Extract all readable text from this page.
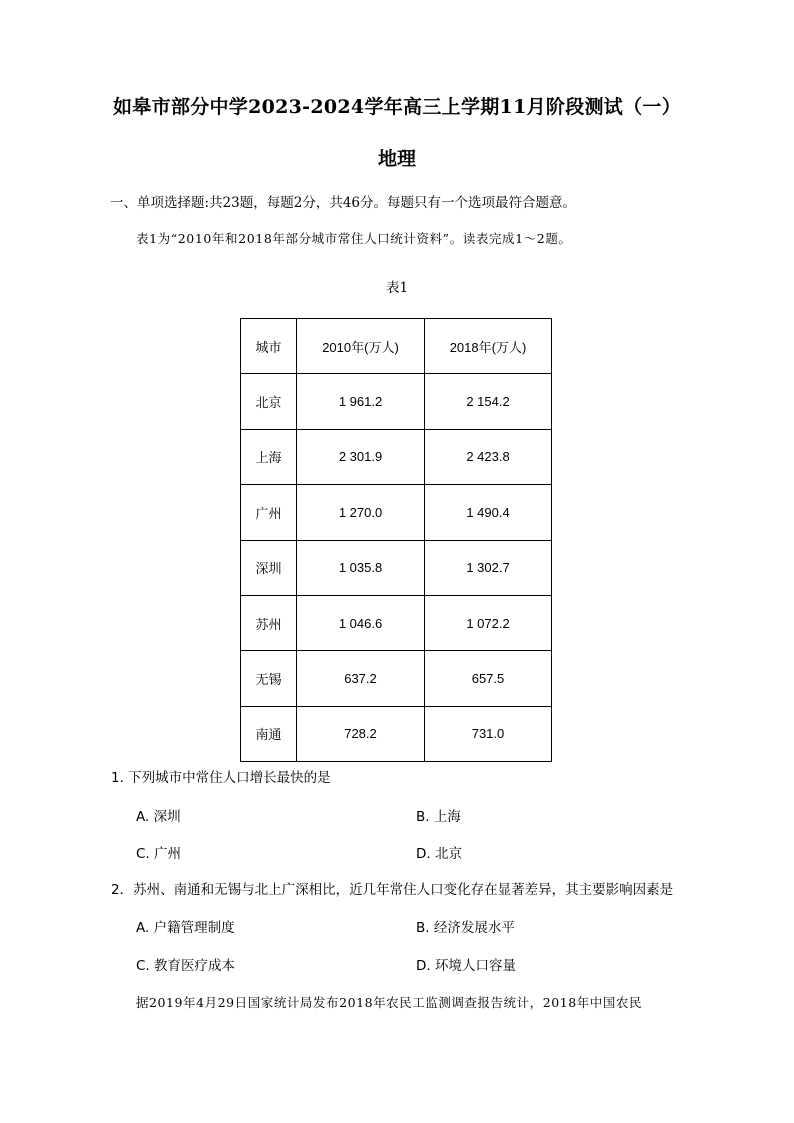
如皋市部分中学2023-2024学年高三上学期11月阶段测试（一）
地理
一、单项选择题:共23题，每题2分，共46分。每题只有一个选项最符合题意。
表1为“2010年和2018年部分城市常住人口统计资料”。读表完成1～2题。
表1
城市	2010年(万人)	2018年(万人)
北京	1 961.2	2 154.2
上海	2 301.9	2 423.8
广州	1 270.0	1 490.4
深圳	1 035.8	1 302.7
苏州	1 046.6	1 072.2
无锡	637.2	657.5
南通	728.2	731.0
1. 下列城市中常住人口增长最快的是
A. 深圳	B. 上海
C. 广州	D. 北京
2．苏州、南通和无锡与北上广深相比，近几年常住人口变化存在显著差异，其主要影响因素是
A. 户籍管理制度	B. 经济发展水平
C. 教育医疗成本	D. 环境人口容量
据2019年4月29日国家统计局发布2018年农民工监测调查报告统计，2018年中国农民
